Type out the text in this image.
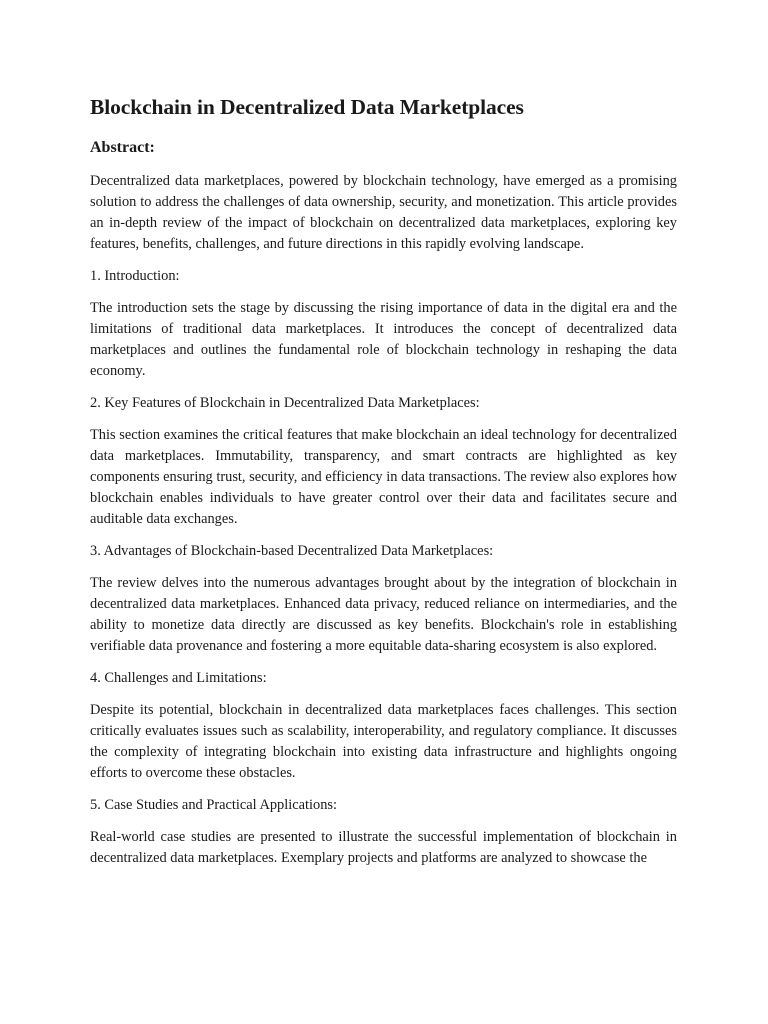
Blockchain in Decentralized Data Marketplaces
Abstract:

Decentralized data marketplaces, powered by blockchain technology, have emerged as a promising solution to address the challenges of data ownership, security, and monetization. This article provides an in-depth review of the impact of blockchain on decentralized data marketplaces, exploring key features, benefits, challenges, and future directions in this rapidly evolving landscape.

1. Introduction:

The introduction sets the stage by discussing the rising importance of data in the digital era and the limitations of traditional data marketplaces. It introduces the concept of decentralized data marketplaces and outlines the fundamental role of blockchain technology in reshaping the data economy.

2. Key Features of Blockchain in Decentralized Data Marketplaces:

This section examines the critical features that make blockchain an ideal technology for decentralized data marketplaces. Immutability, transparency, and smart contracts are highlighted as key components ensuring trust, security, and efficiency in data transactions. The review also explores how blockchain enables individuals to have greater control over their data and facilitates secure and auditable data exchanges.

3. Advantages of Blockchain-based Decentralized Data Marketplaces:

The review delves into the numerous advantages brought about by the integration of blockchain in decentralized data marketplaces. Enhanced data privacy, reduced reliance on intermediaries, and the ability to monetize data directly are discussed as key benefits. Blockchain's role in establishing verifiable data provenance and fostering a more equitable data-sharing ecosystem is also explored.

4. Challenges and Limitations:

Despite its potential, blockchain in decentralized data marketplaces faces challenges. This section critically evaluates issues such as scalability, interoperability, and regulatory compliance. It discusses the complexity of integrating blockchain into existing data infrastructure and highlights ongoing efforts to overcome these obstacles.

5. Case Studies and Practical Applications:

Real-world case studies are presented to illustrate the successful implementation of blockchain in decentralized data marketplaces. Exemplary projects and platforms are analyzed to showcase the
